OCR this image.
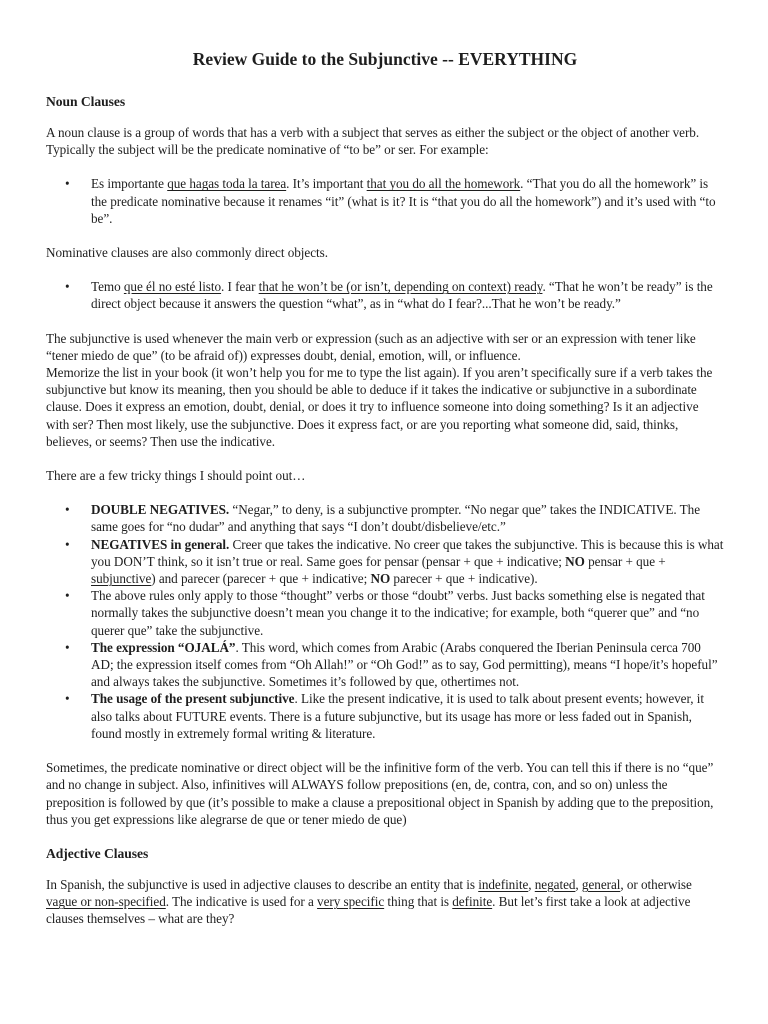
Review Guide to the Subjunctive -- EVERYTHING
Noun Clauses

A noun clause is a group of words that has a verb with a subject that serves as either the subject or the object of another verb. Typically the subject will be the predicate nominative of “to be” or ser. For example:

• Es importante que hagas toda la tarea. It’s important that you do all the homework. “That you do all the homework” is the predicate nominative because it renames “it” (what is it? It is “that you do all the homework”) and it’s used with “to be”.

Nominative clauses are also commonly direct objects.

• Temo que él no esté listo. I fear that he won’t be (or isn’t, depending on context) ready. “That he won’t be ready” is the direct object because it answers the question “what”, as in “what do I fear?...That he won’t be ready.”

The subjunctive is used whenever the main verb or expression (such as an adjective with ser or an expression with tener like “tener miedo de que” (to be afraid of)) expresses doubt, denial, emotion, will, or influence.

Memorize the list in your book (it won’t help you for me to type the list again). If you aren’t specifically sure if a verb takes the subjunctive but know its meaning, then you should be able to deduce if it takes the indicative or subjunctive in a subordinate clause. Does it express an emotion, doubt, denial, or does it try to influence someone into doing something? Is it an adjective with ser? Then most likely, use the subjunctive. Does it express fact, or are you reporting what someone did, said, thinks, believes, or seems? Then use the indicative.

There are a few tricky things I should point out…

• DOUBLE NEGATIVES. “Negar,” to deny, is a subjunctive prompter. “No negar que” takes the INDICATIVE. The same goes for “no dudar” and anything that says “I don’t doubt/disbelieve/etc.”
• NEGATIVES in general. Creer que takes the indicative. No creer que takes the subjunctive. This is because this is what you DON’T think, so it isn’t true or real. Same goes for pensar (pensar + que + indicative; NO pensar + que + subjunctive) and parecer (parecer + que + indicative; NO parecer + que + indicative).
• The above rules only apply to those “thought” verbs or those “doubt” verbs. Just backs something else is negated that normally takes the subjunctive doesn’t mean you change it to the indicative; for example, both “querer que” and “no querer que” take the subjunctive.
• The expression “OJALÁ”. This word, which comes from Arabic (Arabs conquered the Iberian Peninsula cerca 700 AD; the expression itself comes from “Oh Allah!” or “Oh God!” as to say, God permitting), means “I hope/it’s hopeful” and always takes the subjunctive. Sometimes it’s followed by que, othertimes not.
• The usage of the present subjunctive. Like the present indicative, it is used to talk about present events; however, it also talks about FUTURE events. There is a future subjunctive, but its usage has more or less faded out in Spanish, found mostly in extremely formal writing & literature.

Sometimes, the predicate nominative or direct object will be the infinitive form of the verb. You can tell this if there is no “que” and no change in subject. Also, infinitives will ALWAYS follow prepositions (en, de, contra, con, and so on) unless the preposition is followed by que (it’s possible to make a clause a prepositional object in Spanish by adding que to the preposition, thus you get expressions like alegrarse de que or tener miedo de que)

Adjective Clauses

In Spanish, the subjunctive is used in adjective clauses to describe an entity that is indefinite, negated, general, or otherwise vague or non-specified. The indicative is used for a very specific thing that is definite. But let’s first take a look at adjective clauses themselves – what are they?
